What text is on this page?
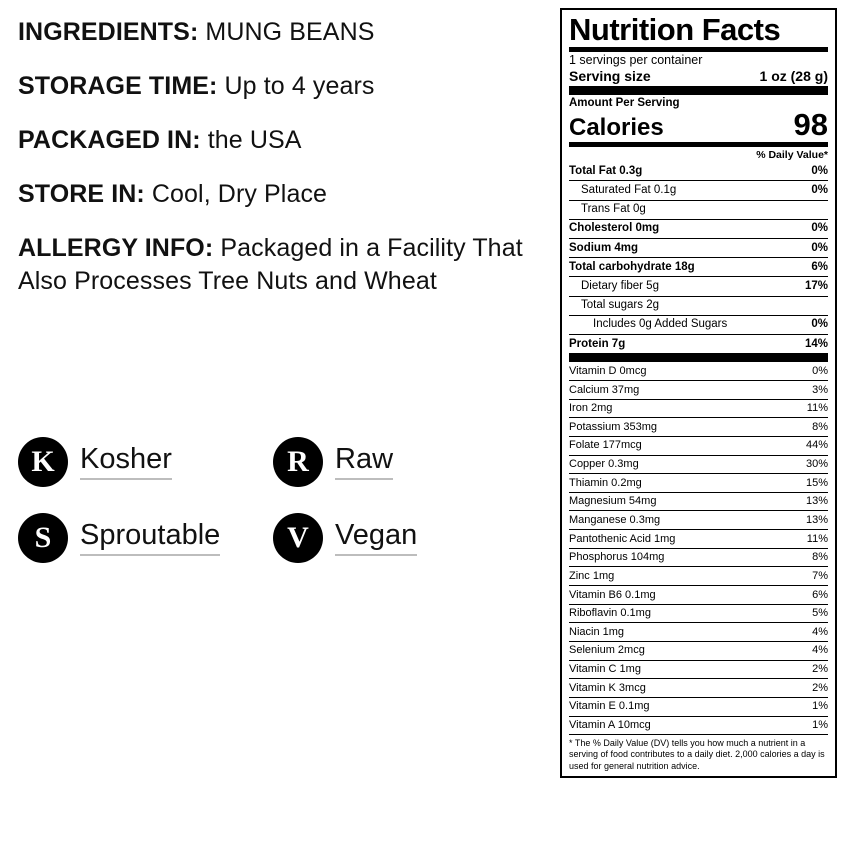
INGREDIENTS: MUNG BEANS
STORAGE TIME: Up to 4 years
PACKAGED IN: the USA
STORE IN: Cool, Dry Place
ALLERGY INFO: Packaged in a Facility That Also Processes Tree Nuts and Wheat
K Kosher	R Raw
S Sproutable	V Vegan
Nutrition Facts
1 servings per container
Serving size	1 oz (28 g)
Amount Per Serving
Calories	98
% Daily Value*
Total Fat 0.3g	0%
Saturated Fat 0.1g	0%
Trans Fat 0g
Cholesterol 0mg	0%
Sodium 4mg	0%
Total carbohydrate 18g	6%
Dietary fiber 5g	17%
Total sugars 2g
Includes 0g Added Sugars	0%
Protein 7g	14%
Vitamin D 0mcg	0%
Calcium 37mg	3%
Iron 2mg	11%
Potassium 353mg	8%
Folate 177mcg	44%
Copper 0.3mg	30%
Thiamin 0.2mg	15%
Magnesium 54mg	13%
Manganese 0.3mg	13%
Pantothenic Acid 1mg	11%
Phosphorus 104mg	8%
Zinc 1mg	7%
Vitamin B6 0.1mg	6%
Riboflavin 0.1mg	5%
Niacin 1mg	4%
Selenium 2mcg	4%
Vitamin C 1mg	2%
Vitamin K 3mcg	2%
Vitamin E 0.1mg	1%
Vitamin A 10mcg	1%
* The % Daily Value (DV) tells you how much a nutrient in a serving of food contributes to a daily diet. 2,000 calories a day is used for general nutrition advice.
